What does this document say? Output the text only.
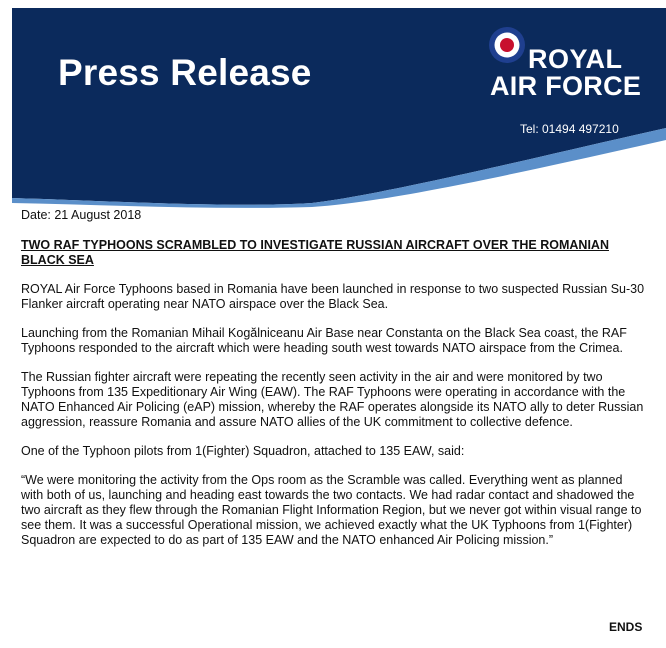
Press Release	ROYAL
AIR FORCE
Tel: 01494 497210

Date: 21 August 2018

TWO RAF TYPHOONS SCRAMBLED TO INVESTIGATE RUSSIAN AIRCRAFT OVER THE ROMANIAN BLACK SEA

ROYAL Air Force Typhoons based in Romania have been launched in response to two suspected Russian Su-30 Flanker aircraft operating near NATO airspace over the Black Sea.

Launching from the Romanian Mihail Kogălniceanu Air Base near Constanta on the Black Sea coast, the RAF Typhoons responded to the aircraft which were heading south west towards NATO airspace from the Crimea.

The Russian fighter aircraft were repeating the recently seen activity in the air and were monitored by two Typhoons from 135 Expeditionary Air Wing (EAW). The RAF Typhoons were operating in accordance with the NATO Enhanced Air Policing (eAP) mission, whereby the RAF operates alongside its NATO ally to deter Russian aggression, reassure Romania and assure NATO allies of the UK commitment to collective defence.

One of the Typhoon pilots from 1(Fighter) Squadron, attached to 135 EAW, said:

“We were monitoring the activity from the Ops room as the Scramble was called. Everything went as planned with both of us, launching and heading east towards the two contacts. We had radar contact and shadowed the two aircraft as they flew through the Romanian Flight Information Region, but we never got within visual range to see them. It was a successful Operational mission, we achieved exactly what the UK Typhoons from 1(Fighter) Squadron are expected to do as part of 135 EAW and the NATO enhanced Air Policing mission.”

ENDS
